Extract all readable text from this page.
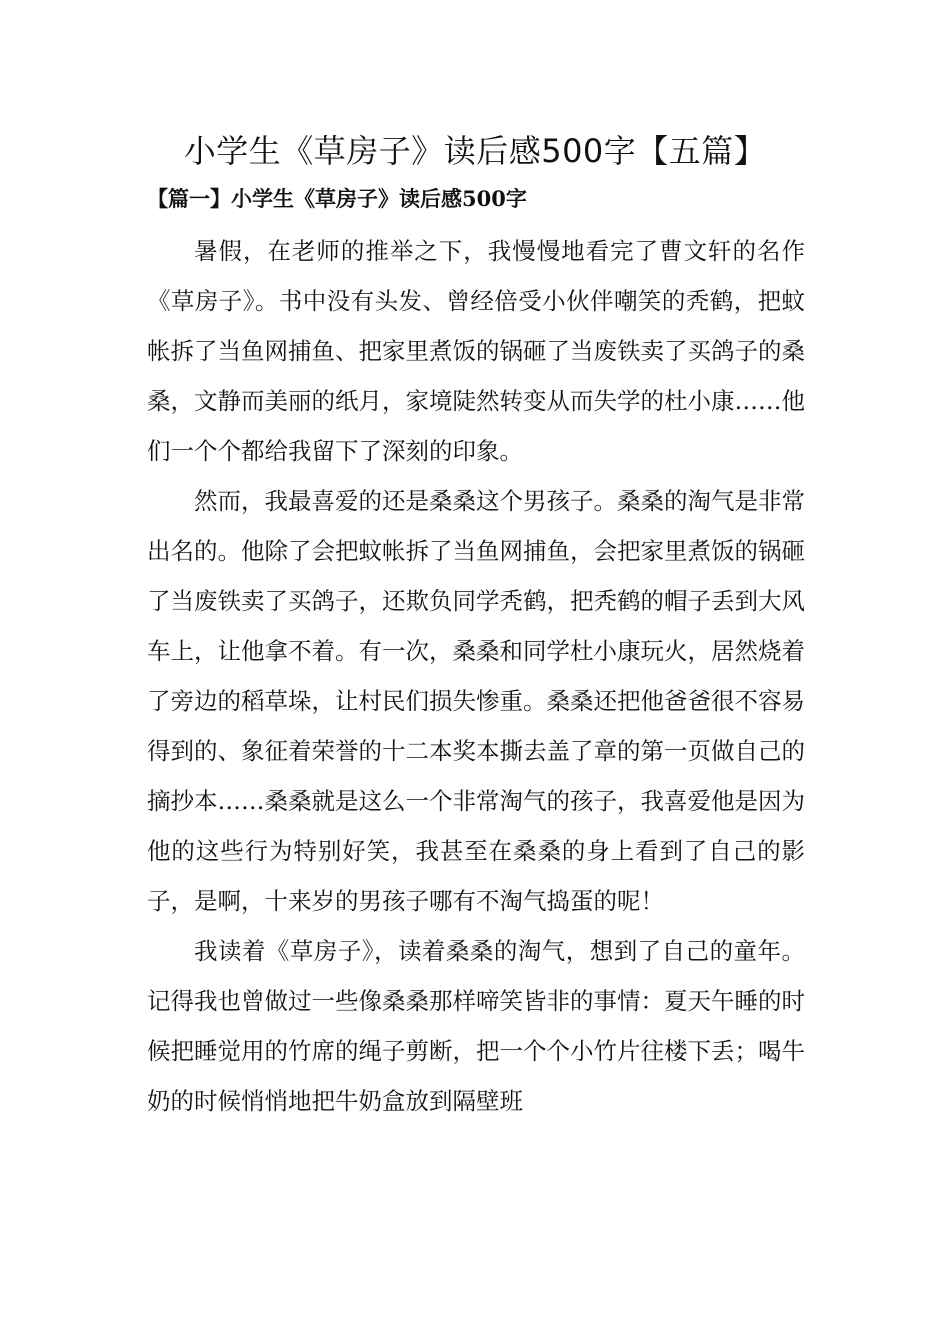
小学生《草房子》读后感500字【五篇】
【篇一】小学生《草房子》读后感500字

暑假，在老师的推举之下，我慢慢地看完了曹文轩的名作《草房子》。书中没有头发、曾经倍受小伙伴嘲笑的秃鹤，把蚊帐拆了当鱼网捕鱼、把家里煮饭的锅砸了当废铁卖了买鸽子的桑桑，文静而美丽的纸月，家境陡然转变从而失学的杜小康……他们一个个都给我留下了深刻的印象。

然而，我最喜爱的还是桑桑这个男孩子。桑桑的淘气是非常出名的。他除了会把蚊帐拆了当鱼网捕鱼，会把家里煮饭的锅砸了当废铁卖了买鸽子，还欺负同学秃鹤，把秃鹤的帽子丢到大风车上，让他拿不着。有一次，桑桑和同学杜小康玩火，居然烧着了旁边的稻草垛，让村民们损失惨重。桑桑还把他爸爸很不容易得到的、象征着荣誉的十二本奖本撕去盖了章的第一页做自己的摘抄本……桑桑就是这么一个非常淘气的孩子，我喜爱他是因为他的这些行为特别好笑，我甚至在桑桑的身上看到了自己的影子，是啊，十来岁的男孩子哪有不淘气捣蛋的呢！

我读着《草房子》，读着桑桑的淘气，想到了自己的童年。记得我也曾做过一些像桑桑那样啼笑皆非的事情：夏天午睡的时候把睡觉用的竹席的绳子剪断，把一个个小竹片往楼下丢；喝牛奶的时候悄悄地把牛奶盒放到隔壁班
